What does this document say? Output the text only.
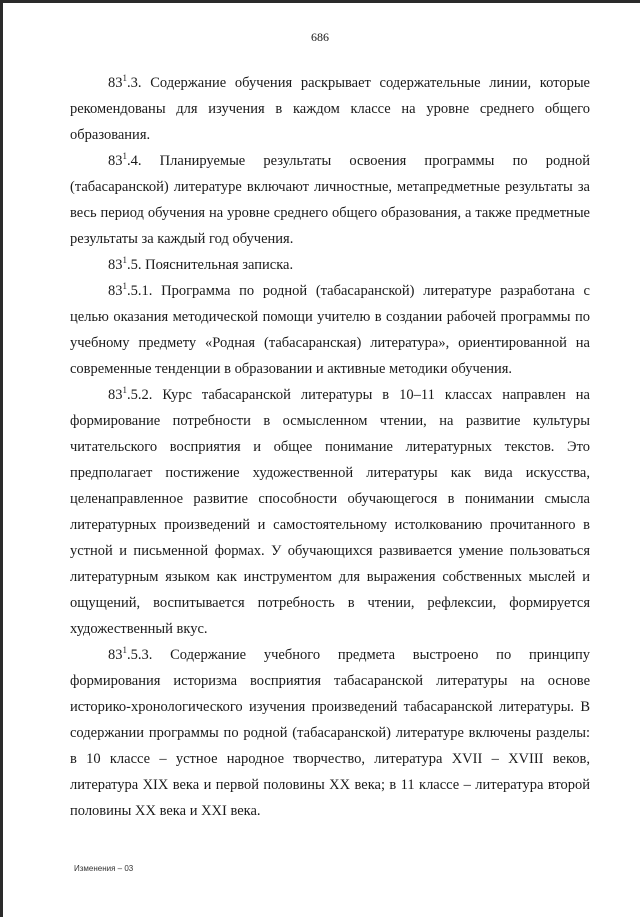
686

$83^1.3$. Содержание обучения раскрывает содержательные линии, которые рекомендованы для изучения в каждом классе на уровне среднего общего образования.

$83^1.4$. Планируемые результаты освоения программы по родной (табасаранской) литературе включают личностные, метапредметные результаты за весь период обучения на уровне среднего общего образования, а также предметные результаты за каждый год обучения.

$83^1.5$. Пояснительная записка.

$83^1.5.1$. Программа по родной (табасаранской) литературе разработана с целью оказания методической помощи учителю в создании рабочей программы по учебному предмету «Родная (табасаранская) литература», ориентированной на современные тенденции в образовании и активные методики обучения.

$83^1.5.2$. Курс табасаранской литературы в 10–11 классах направлен на формирование потребности в осмысленном чтении, на развитие культуры читательского восприятия и общее понимание литературных текстов. Это предполагает постижение художественной литературы как вида искусства, целенаправленное развитие способности обучающегося в понимании смысла литературных произведений и самостоятельному истолкованию прочитанного в устной и письменной формах. У обучающихся развивается умение пользоваться литературным языком как инструментом для выражения собственных мыслей и ощущений, воспитывается потребность в чтении, рефлексии, формируется художественный вкус.

$83^1.5.3$. Содержание учебного предмета выстроено по принципу формирования историзма восприятия табасаранской литературы на основе историко-хронологического изучения произведений табасаранской литературы. В содержании программы по родной (табасаранской) литературе включены разделы: в 10 классе – устное народное творчество, литература XVII – XVIII веков, литература XIX века и первой половины XX века; в 11 классе – литература второй половины XX века и XXI века.

Изменения – 03
